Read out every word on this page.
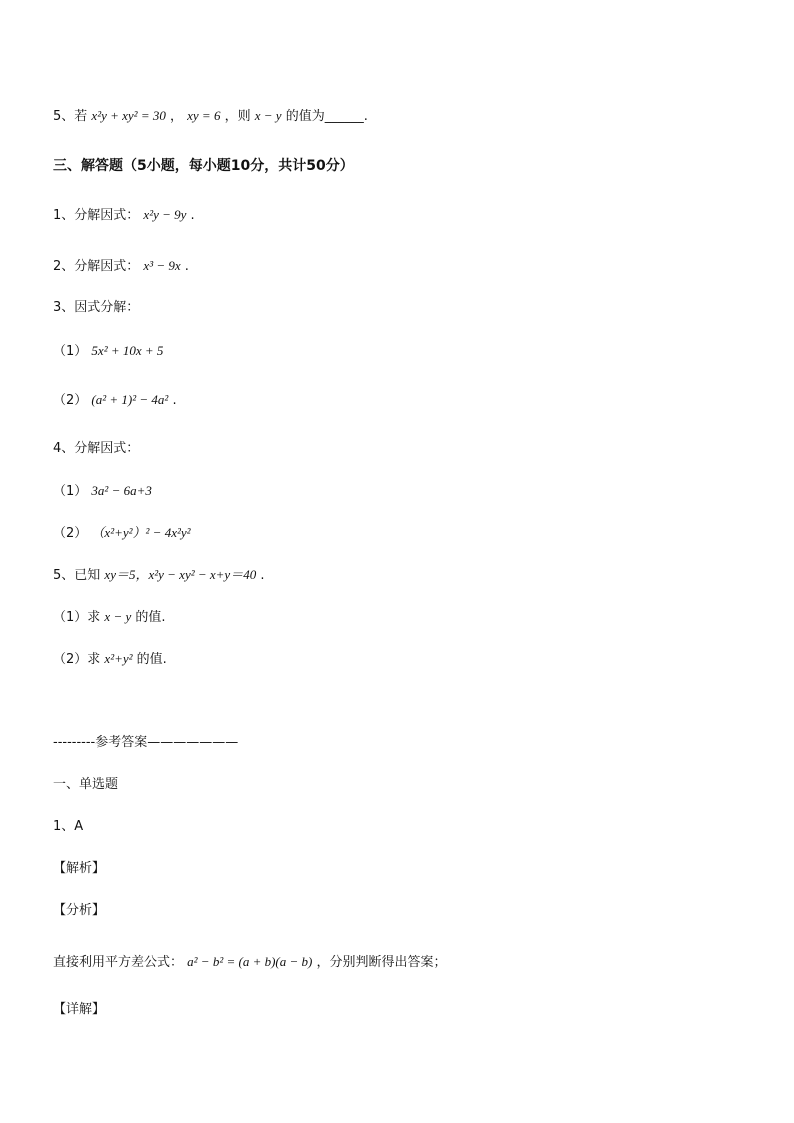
5、若 x²y + xy² = 30 ， xy = 6 ，则 x − y 的值为______.
三、解答题（5小题，每小题10分，共计50分）
1、分解因式： x²y − 9y .
2、分解因式： x³ − 9x .
3、因式分解：
（1） 5x² + 10x + 5
（2） (a² + 1)² − 4a² .
4、分解因式：
（1） 3a² − 6a+3
（2） （x²+y²）² − 4x²y²
5、已知 xy＝5，x²y − xy² − x+y＝40 .
（1）求 x − y 的值.
（2）求 x²+y² 的值.
---------参考答案———————
一、单选题
1、A
【解析】
【分析】
直接利用平方差公式： a² − b² = (a + b)(a − b) ，分别判断得出答案；
【详解】
